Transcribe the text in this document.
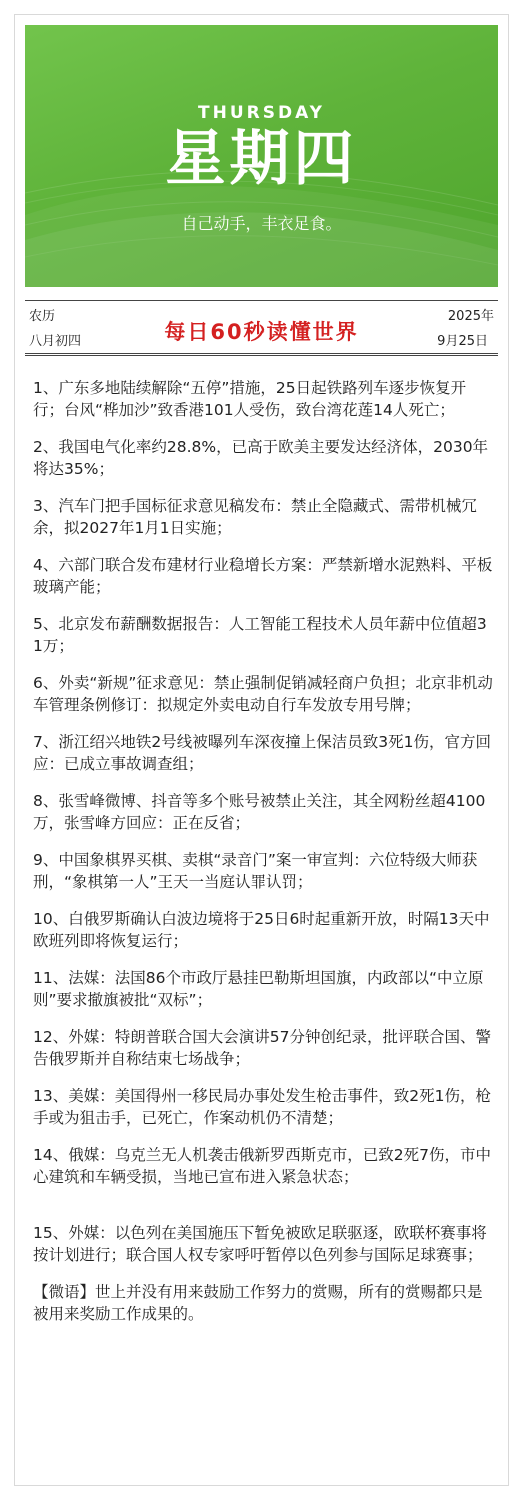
THURSDAY
星期四
自己动手，丰衣足食。
农历
八月初四	每日60秒读懂世界
2025年
9月25日

1、广东多地陆续解除“五停”措施，25日起铁路列车逐步恢复开行；台风“桦加沙”致香港101人受伤，致台湾花莲14人死亡；

2、我国电气化率约28.8%，已高于欧美主要发达经济体，2030年将达35%；

3、汽车门把手国标征求意见稿发布：禁止全隐藏式、需带机械冗余，拟2027年1月1日实施；

4、六部门联合发布建材行业稳增长方案：严禁新增水泥熟料、平板玻璃产能；

5、北京发布薪酬数据报告：人工智能工程技术人员年薪中位值超31万；

6、外卖“新规”征求意见：禁止强制促销减轻商户负担；北京非机动车管理条例修订：拟规定外卖电动自行车发放专用号牌；

7、浙江绍兴地铁2号线被曝列车深夜撞上保洁员致3死1伤，官方回应：已成立事故调查组；

8、张雪峰微博、抖音等多个账号被禁止关注，其全网粉丝超4100万，张雪峰方回应：正在反省；

9、中国象棋界买棋、卖棋“录音门”案一审宣判：六位特级大师获刑，“象棋第一人”王天一当庭认罪认罚；

10、白俄罗斯确认白波边境将于25日6时起重新开放，时隔13天中欧班列即将恢复运行；

11、法媒：法国86个市政厅悬挂巴勒斯坦国旗，内政部以“中立原则”要求撤旗被批“双标”；

12、外媒：特朗普联合国大会演讲57分钟创纪录，批评联合国、警告俄罗斯并自称结束七场战争；

13、美媒：美国得州一移民局办事处发生枪击事件，致2死1伤，枪手或为狙击手，已死亡，作案动机仍不清楚；

14、俄媒：乌克兰无人机袭击俄新罗西斯克市，已致2死7伤，市中心建筑和车辆受损，当地已宣布进入紧急状态；

15、外媒：以色列在美国施压下暂免被欧足联驱逐，欧联杯赛事将按计划进行；联合国人权专家呼吁暂停以色列参与国际足球赛事；

【微语】世上并没有用来鼓励工作努力的赏赐，所有的赏赐都只是被用来奖励工作成果的。
